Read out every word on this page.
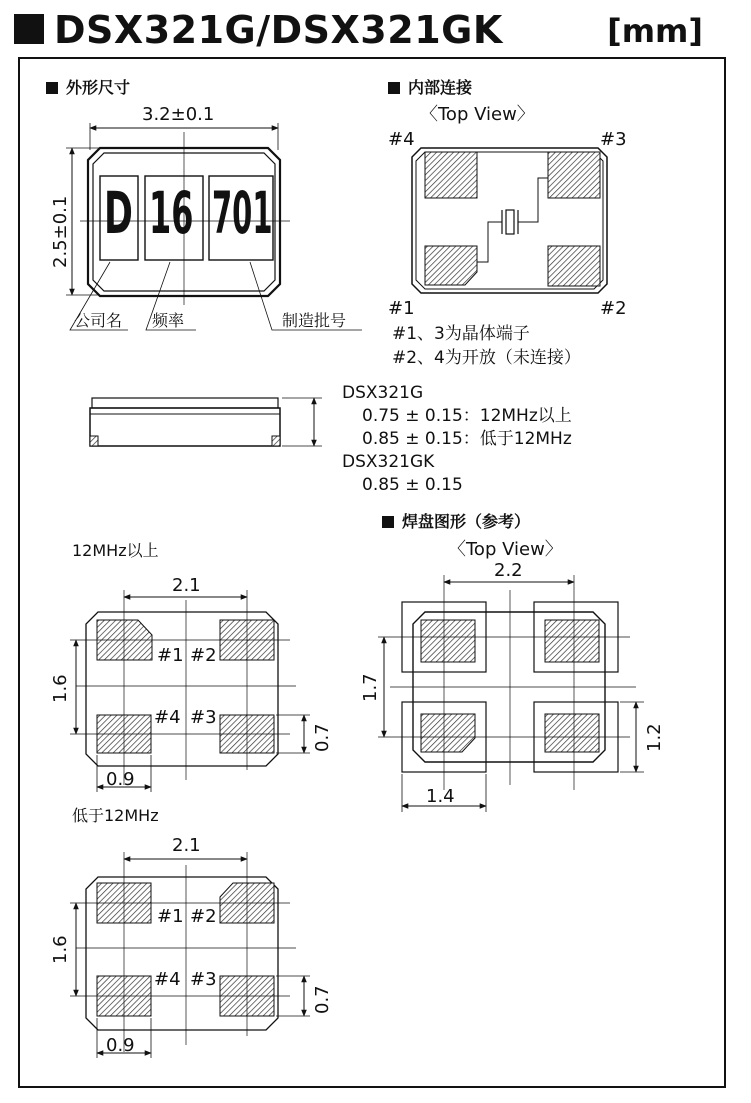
DSX321G/DSX321GK	[mm]
外形尺寸
3.2±0.1
2.5±0.1 D 16 701
公司名 频率	制造批号
内部连接
〈Top View〉
#4	#3
#1	#2
#1、3为晶体端子
#2、4为开放（未连接）
DSX321G
0.75 ± 0.15：12MHz以上
0.85 ± 0.15：低于12MHz
DSX321GK
0.85 ± 0.15
12MHz以上
2.1
1.6
0.7
0.9
#1 #2
#4 #3
低于12MHz
2.1
1.6
0.7
0.9
#1 #2
#4 #3
焊盘图形（参考）
〈Top View〉
2.2
1.7
1.2
1.4
